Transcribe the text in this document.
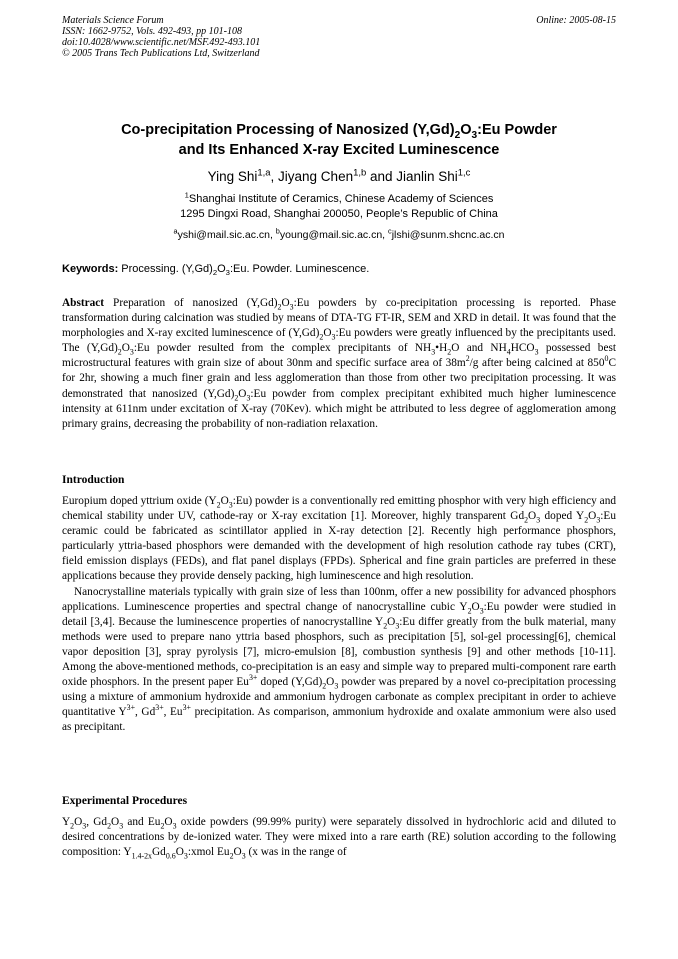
Materials Science Forum
ISSN: 1662-9752, Vols. 492-493, pp 101-108
doi:10.4028/www.scientific.net/MSF.492-493.101
© 2005 Trans Tech Publications Ltd, Switzerland
Online: 2005-08-15
Co-precipitation Processing of Nanosized $(Y,Gd)_2O_3:Eu$ Powder
and Its Enhanced X-ray Excited Luminescence
Ying Shi$^{1,a}$, Jiyang Chen$^{1,b}$ and Jianlin Shi$^{1,c}$
$^1$Shanghai Institute of Ceramics, Chinese Academy of Sciences
1295 Dingxi Road, Shanghai 200050, People’s Republic of China
$^a$yshi@mail.sic.ac.cn, $^b$young@mail.sic.ac.cn, $^c$jlshi@sunm.shcnc.ac.cn
Keywords: Processing. $(Y,Gd)_2O_3:Eu$. Powder. Luminescence.

Abstract Preparation of nanosized $(Y,Gd)_2O_3:Eu$ powders by co-precipitation processing is reported. Phase transformation during calcination was studied by means of DTA-TG FT-IR, SEM and XRD in detail. It was found that the morphologies and X-ray excited luminescence of $(Y,Gd)_2O_3:Eu$ powders were greatly influenced by the precipitants used. The $(Y,Gd)_2O_3:Eu$ powder resulted from the complex precipitants of $NH_3•H_2O$ and $NH_4HCO_3$ possessed best microstructural features with grain size of about 30nm and specific surface area of $38m^2/g$ after being calcined at $850^0C$ for 2hr, showing a much finer grain and less agglomeration than those from other two precipitation processing. It was demonstrated that nanosized $(Y,Gd)_2O_3:Eu$ powder from complex precipitant exhibited much higher luminescence intensity at 611nm under excitation of X-ray (70Kev). which might be attributed to less degree of agglomeration among primary grains, decreasing the probability of non-radiation relaxation.

Introduction

Europium doped yttrium oxide $(Y_2O_3:Eu)$ powder is a conventionally red emitting phosphor with very high efficiency and chemical stability under UV, cathode-ray or X-ray excitation [1]. Moreover, highly transparent $Gd_2O_3$ doped $Y_2O_3:Eu$ ceramic could be fabricated as scintillator applied in X-ray detection [2]. Recently high performance phosphors, particularly yttria-based phosphors were demanded with the development of high resolution cathode ray tubes (CRT), field emission displays (FEDs), and flat panel displays (FPDs). Spherical and fine grain particles are preferred in these applications because they provide densely packing, high luminescence and high resolution.

Nanocrystalline materials typically with grain size of less than 100nm, offer a new possibility for advanced phosphors applications. Luminescence properties and spectral change of nanocrystalline cubic $Y_2O_3:Eu$ powder were studied in detail [3,4]. Because the luminescence properties of nanocrystalline $Y_2O_3:Eu$ differ greatly from the bulk material, many methods were used to prepare nano yttria based phosphors, such as precipitation [5], sol-gel processing[6], chemical vapor deposition [3], spray pyrolysis [7], micro-emulsion [8], combustion synthesis [9] and other methods [10-11]. Among the above-mentioned methods, co-precipitation is an easy and simple way to prepared multi-component rare earth oxide phosphors. In the present paper $Eu^{3+}$ doped $(Y,Gd)_2O_3$ powder was prepared by a novel co-precipitation processing using a mixture of ammonium hydroxide and ammonium hydrogen carbonate as complex precipitant in order to achieve quantitative $Y^{3+}$, $Gd^{3+}$, $Eu^{3+}$ precipitation. As comparison, ammonium hydroxide and oxalate ammonium were also used as precipitant.

Experimental Procedures

$Y_2O_3$, $Gd_2O_3$ and $Eu_2O_3$ oxide powders (99.99% purity) were separately dissolved in hydrochloric acid and diluted to desired concentrations by de-ionized water. They were mixed into a rare earth (RE) solution according to the following composition: $Y_{1.4-2x}Gd_{0.6}O_3:xmol$ $Eu_2O_3$ (x was in the range of
